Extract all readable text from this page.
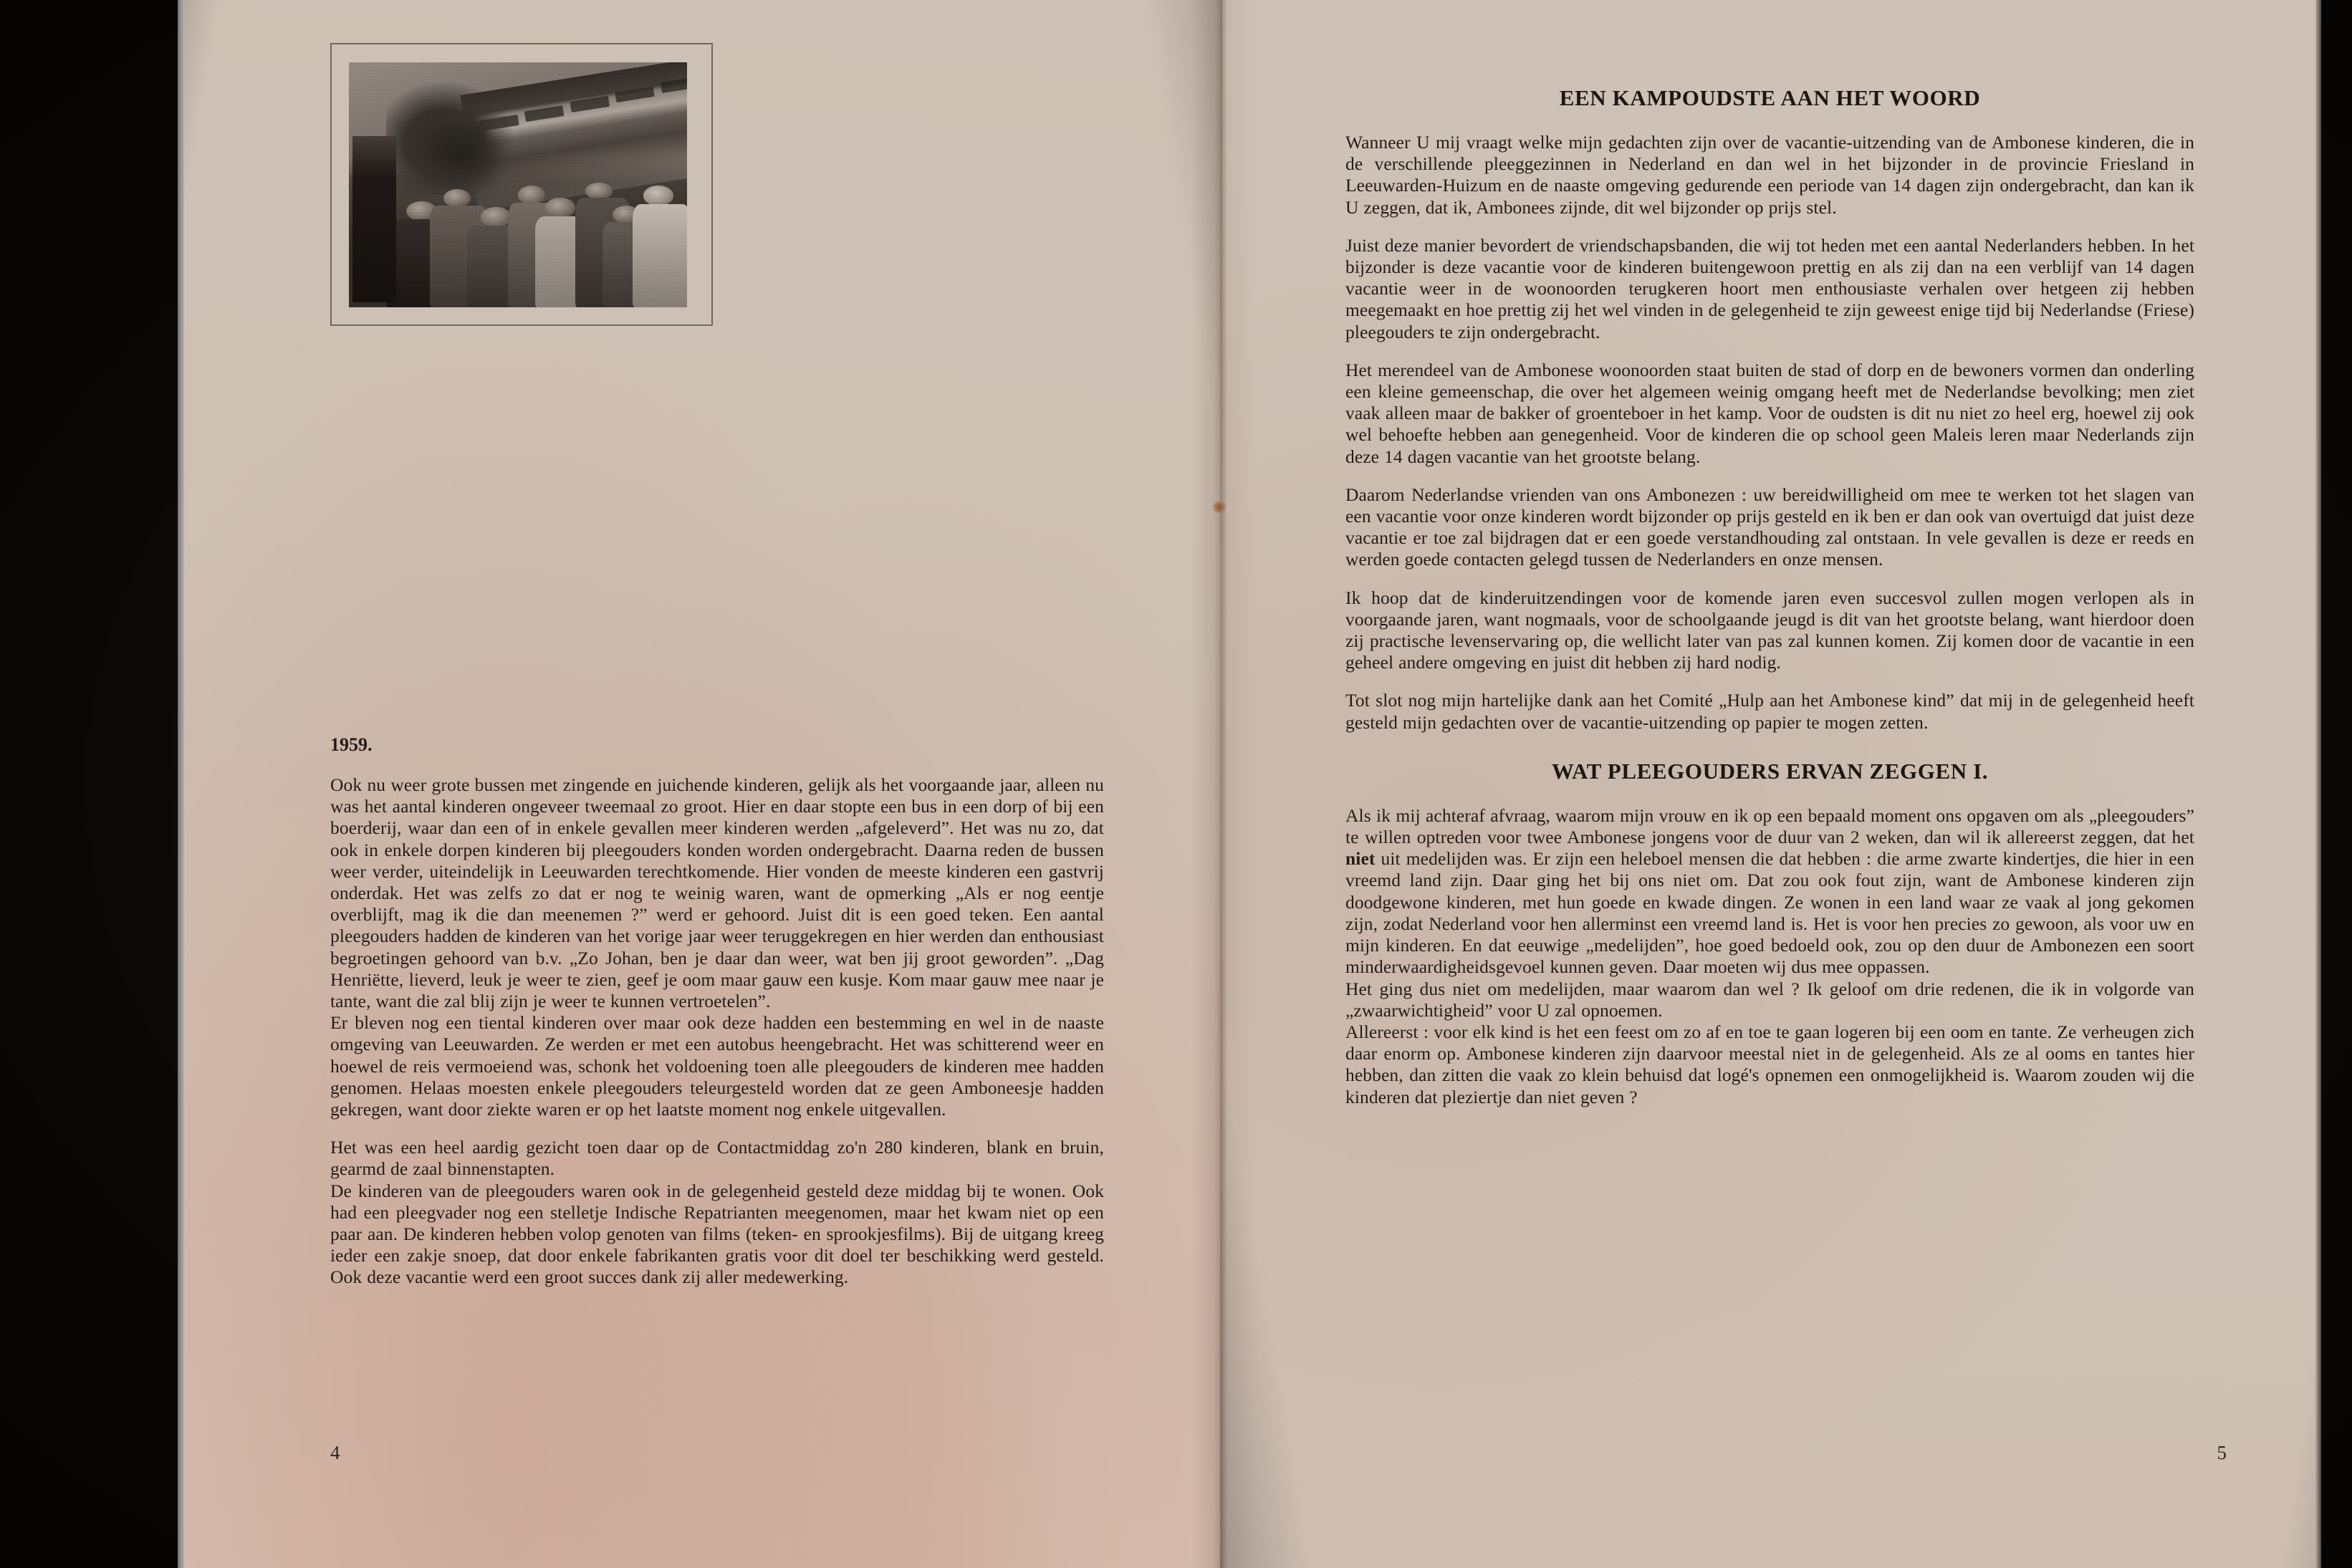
1959.

Ook nu weer grote bussen met zingende en juichende kinderen, gelijk als het voorgaande jaar, alleen nu was het aantal kinderen ongeveer tweemaal zo groot. Hier en daar stopte een bus in een dorp of bij een boerderij, waar dan een of in enkele gevallen meer kinderen werden „afgeleverd”. Het was nu zo, dat ook in enkele dorpen kinderen bij pleegouders konden worden ondergebracht. Daarna reden de bussen weer verder, uiteindelijk in Leeuwarden terechtkomende. Hier vonden de meeste kinderen een gastvrij onderdak. Het was zelfs zo dat er nog te weinig waren, want de opmerking „Als er nog eentje overblijft, mag ik die dan meenemen ?” werd er gehoord. Juist dit is een goed teken. Een aantal pleegouders hadden de kinderen van het vorige jaar weer teruggekregen en hier werden dan enthousiast begroetingen gehoord van b.v. „Zo Johan, ben je daar dan weer, wat ben jij groot geworden”. „Dag Henriëtte, lieverd, leuk je weer te zien, geef je oom maar gauw een kusje. Kom maar gauw mee naar je tante, want die zal blij zijn je weer te kunnen vertroetelen”.

Er bleven nog een tiental kinderen over maar ook deze hadden een bestemming en wel in de naaste omgeving van Leeuwarden. Ze werden er met een autobus heengebracht. Het was schitterend weer en hoewel de reis vermoeiend was, schonk het voldoening toen alle pleegouders de kinderen mee hadden genomen. Helaas moesten enkele pleegouders teleurgesteld worden dat ze geen Amboneesje hadden gekregen, want door ziekte waren er op het laatste moment nog enkele uitgevallen.

Het was een heel aardig gezicht toen daar op de Contactmiddag zo'n 280 kinderen, blank en bruin, gearmd de zaal binnenstapten.

De kinderen van de pleegouders waren ook in de gelegenheid gesteld deze middag bij te wonen. Ook had een pleegvader nog een stelletje Indische Repatrianten meegenomen, maar het kwam niet op een paar aan. De kinderen hebben volop genoten van films (teken- en sprookjesfilms). Bij de uitgang kreeg ieder een zakje snoep, dat door enkele fabrikanten gratis voor dit doel ter beschikking werd gesteld. Ook deze vacantie werd een groot succes dank zij aller medewerking.

4
EEN KAMPOUDSTE AAN HET WOORD

Wanneer U mij vraagt welke mijn gedachten zijn over de vacantie-uitzending van de Ambonese kinderen, die in de verschillende pleeggezinnen in Nederland en dan wel in het bijzonder in de provincie Friesland in Leeuwarden-Huizum en de naaste omgeving gedurende een periode van 14 dagen zijn ondergebracht, dan kan ik U zeggen, dat ik, Ambonees zijnde, dit wel bijzonder op prijs stel.

Juist deze manier bevordert de vriendschapsbanden, die wij tot heden met een aantal Nederlanders hebben. In het bijzonder is deze vacantie voor de kinderen buitengewoon prettig en als zij dan na een verblijf van 14 dagen vacantie weer in de woonoorden terugkeren hoort men enthousiaste verhalen over hetgeen zij hebben meegemaakt en hoe prettig zij het wel vinden in de gelegenheid te zijn geweest enige tijd bij Nederlandse (Friese) pleegouders te zijn ondergebracht.

Het merendeel van de Ambonese woonoorden staat buiten de stad of dorp en de bewoners vormen dan onderling een kleine gemeenschap, die over het algemeen weinig omgang heeft met de Nederlandse bevolking; men ziet vaak alleen maar de bakker of groenteboer in het kamp. Voor de oudsten is dit nu niet zo heel erg, hoewel zij ook wel behoefte hebben aan genegenheid. Voor de kinderen die op school geen Maleis leren maar Nederlands zijn deze 14 dagen vacantie van het grootste belang.

Daarom Nederlandse vrienden van ons Ambonezen : uw bereidwilligheid om mee te werken tot het slagen van een vacantie voor onze kinderen wordt bijzonder op prijs gesteld en ik ben er dan ook van overtuigd dat juist deze vacantie er toe zal bijdragen dat er een goede verstandhouding zal ontstaan. In vele gevallen is deze er reeds en werden goede contacten gelegd tussen de Nederlanders en onze mensen.

Ik hoop dat de kinderuitzendingen voor de komende jaren even succesvol zullen mogen verlopen als in voorgaande jaren, want nogmaals, voor de schoolgaande jeugd is dit van het grootste belang, want hierdoor doen zij practische levenservaring op, die wellicht later van pas zal kunnen komen. Zij komen door de vacantie in een geheel andere omgeving en juist dit hebben zij hard nodig.

Tot slot nog mijn hartelijke dank aan het Comité „Hulp aan het Ambonese kind” dat mij in de gelegenheid heeft gesteld mijn gedachten over de vacantie-uitzending op papier te mogen zetten.

WAT PLEEGOUDERS ERVAN ZEGGEN I.

Als ik mij achteraf afvraag, waarom mijn vrouw en ik op een bepaald moment ons opgaven om als „pleegouders” te willen optreden voor twee Ambonese jongens voor de duur van 2 weken, dan wil ik allereerst zeggen, dat het niet uit medelijden was. Er zijn een heleboel mensen die dat hebben : die arme zwarte kindertjes, die hier in een vreemd land zijn. Daar ging het bij ons niet om. Dat zou ook fout zijn, want de Ambonese kinderen zijn doodgewone kinderen, met hun goede en kwade dingen. Ze wonen in een land waar ze vaak al jong gekomen zijn, zodat Nederland voor hen allerminst een vreemd land is. Het is voor hen precies zo gewoon, als voor uw en mijn kinderen. En dat eeuwige „medelijden”, hoe goed bedoeld ook, zou op den duur de Ambonezen een soort minderwaardigheidsgevoel kunnen geven. Daar moeten wij dus mee oppassen.

Het ging dus niet om medelijden, maar waarom dan wel ? Ik geloof om drie redenen, die ik in volgorde van „zwaarwichtigheid” voor U zal opnoemen.

Allereerst : voor elk kind is het een feest om zo af en toe te gaan logeren bij een oom en tante. Ze verheugen zich daar enorm op. Ambonese kinderen zijn daarvoor meestal niet in de gelegenheid. Als ze al ooms en tantes hier hebben, dan zitten die vaak zo klein behuisd dat logé's opnemen een onmogelijkheid is. Waarom zouden wij die kinderen dat pleziertje dan niet geven ?

5
